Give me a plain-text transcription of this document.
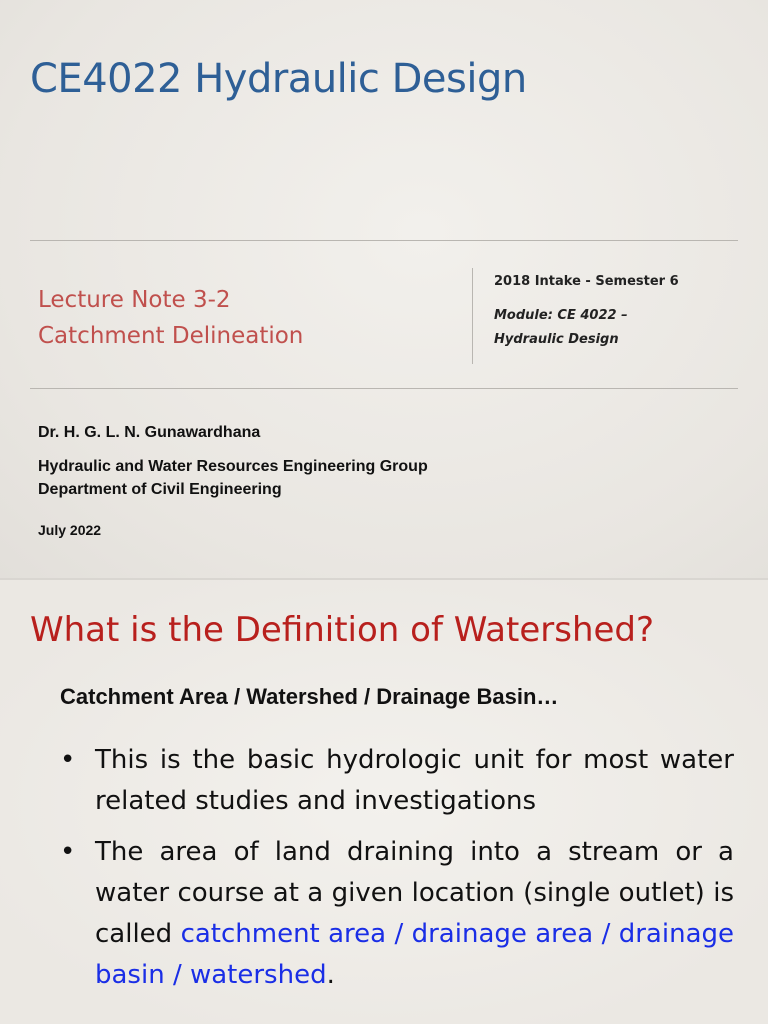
CE4022 Hydraulic Design
Lecture Note 3-2
Catchment Delineation
2018 Intake - Semester 6
Module: CE 4022 –
Hydraulic Design
Dr. H. G. L. N. Gunawardhana
Hydraulic and Water Resources Engineering Group
Department of Civil Engineering
July 2022
What is the Definition of Watershed?
Catchment Area / Watershed / Drainage Basin…
• This is the basic hydrologic unit for most water related studies and investigations
• The area of land draining into a stream or a water course at a given location (single outlet) is called catchment area / drainage area / drainage basin / watershed.
